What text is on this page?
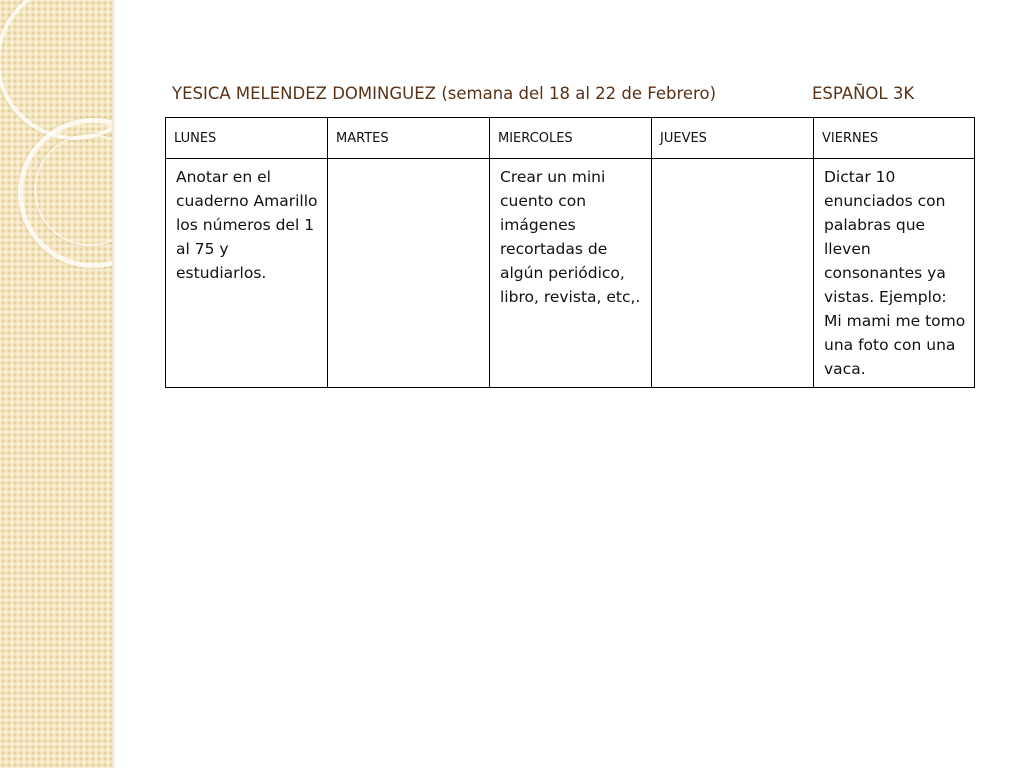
YESICA MELENDEZ DOMINGUEZ (semana del 18 al 22 de Febrero)	ESPAÑOL 3K
LUNES	MARTES	MIERCOLES	JUEVES	VIERNES
Anotar en el cuaderno Amarillo los números del 1 al 75 y estudiarlos.		Crear un mini cuento con imágenes recortadas de algún periódico, libro, revista, etc,.		Dictar 10 enunciados con palabras que lleven consonantes ya vistas. Ejemplo: Mi mami me tomo una foto con una vaca.
